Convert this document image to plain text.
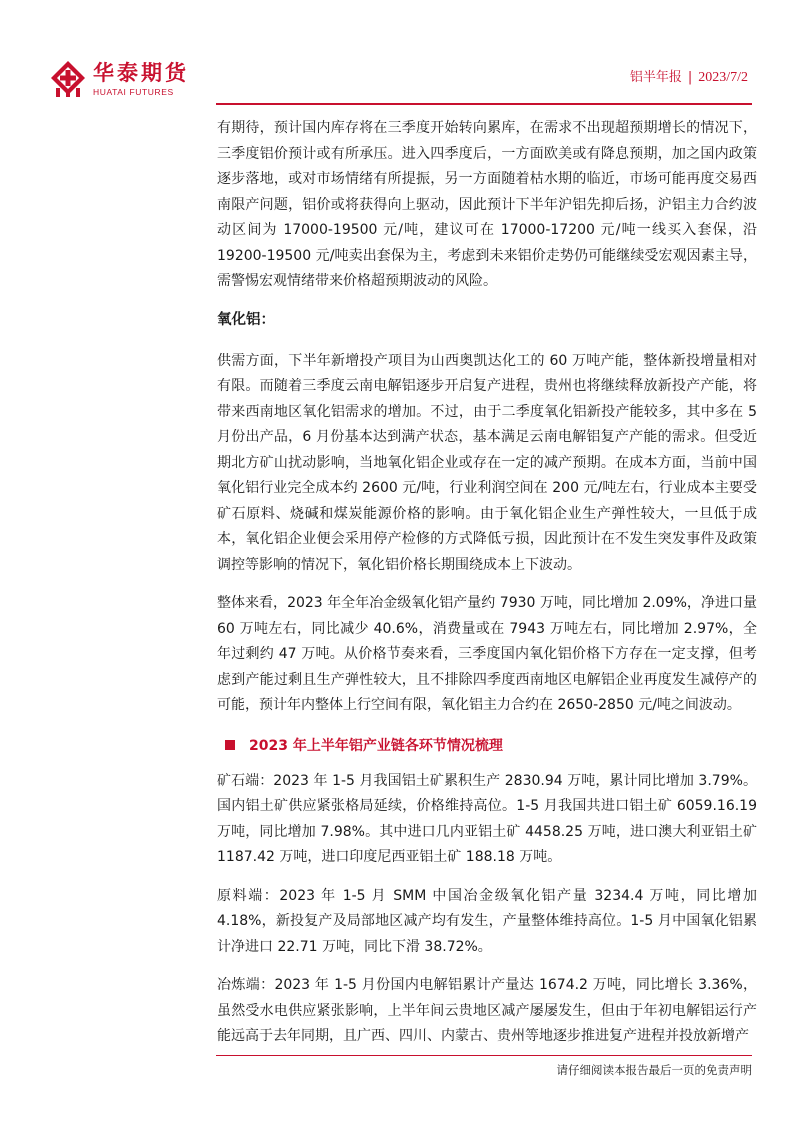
华泰期货
HUATAI FUTURES
铝半年报 | 2023/7/2

有期待，预计国内库存将在三季度开始转向累库，在需求不出现超预期增长的情况下，三季度铝价预计或有所承压。进入四季度后，一方面欧美或有降息预期，加之国内政策逐步落地，或对市场情绪有所提振，另一方面随着枯水期的临近，市场可能再度交易西南限产问题，铝价或将获得向上驱动，因此预计下半年沪铝先抑后扬，沪铝主力合约波动区间为 17000-19500 元/吨，建议可在 17000-17200 元/吨一线买入套保，沿 19200-19500 元/吨卖出套保为主，考虑到未来铝价走势仍可能继续受宏观因素主导，需警惕宏观情绪带来价格超预期波动的风险。

氧化铝：

供需方面，下半年新增投产项目为山西奥凯达化工的 60 万吨产能，整体新投增量相对有限。而随着三季度云南电解铝逐步开启复产进程，贵州也将继续释放新投产产能，将带来西南地区氧化铝需求的增加。不过，由于二季度氧化铝新投产能较多，其中多在 5 月份出产品，6 月份基本达到满产状态，基本满足云南电解铝复产产能的需求。但受近期北方矿山扰动影响，当地氧化铝企业或存在一定的减产预期。在成本方面，当前中国氧化铝行业完全成本约 2600 元/吨，行业利润空间在 200 元/吨左右，行业成本主要受矿石原料、烧碱和煤炭能源价格的影响。由于氧化铝企业生产弹性较大，一旦低于成本，氧化铝企业便会采用停产检修的方式降低亏损，因此预计在不发生突发事件及政策调控等影响的情况下，氧化铝价格长期围绕成本上下波动。

整体来看，2023 年全年冶金级氧化铝产量约 7930 万吨，同比增加 2.09%，净进口量 60 万吨左右，同比减少 40.6%，消费量或在 7943 万吨左右，同比增加 2.97%，全年过剩约 47 万吨。从价格节奏来看，三季度国内氧化铝价格下方存在一定支撑，但考虑到产能过剩且生产弹性较大，且不排除四季度西南地区电解铝企业再度发生减停产的可能，预计年内整体上行空间有限，氧化铝主力合约在 2650-2850 元/吨之间波动。

2023 年上半年铝产业链各环节情况梳理

矿石端：2023 年 1-5 月我国铝土矿累积生产 2830.94 万吨，累计同比增加 3.79%。国内铝土矿供应紧张格局延续，价格维持高位。1-5 月我国共进口铝土矿 6059.16.19 万吨，同比增加 7.98%。其中进口几内亚铝土矿 4458.25 万吨，进口澳大利亚铝土矿 1187.42 万吨，进口印度尼西亚铝土矿 188.18 万吨。

原料端：2023 年 1-5 月 SMM 中国冶金级氧化铝产量 3234.4 万吨，同比增加 4.18%，新投复产及局部地区减产均有发生，产量整体维持高位。1-5 月中国氧化铝累计净进口 22.71 万吨，同比下滑 38.72%。

冶炼端：2023 年 1-5 月份国内电解铝累计产量达 1674.2 万吨，同比增长 3.36%，虽然受水电供应紧张影响，上半年间云贵地区减产屡屡发生，但由于年初电解铝运行产能远高于去年同期，且广西、四川、内蒙古、贵州等地逐步推进复产进程并投放新增产

请仔细阅读本报告最后一页的免责声明
